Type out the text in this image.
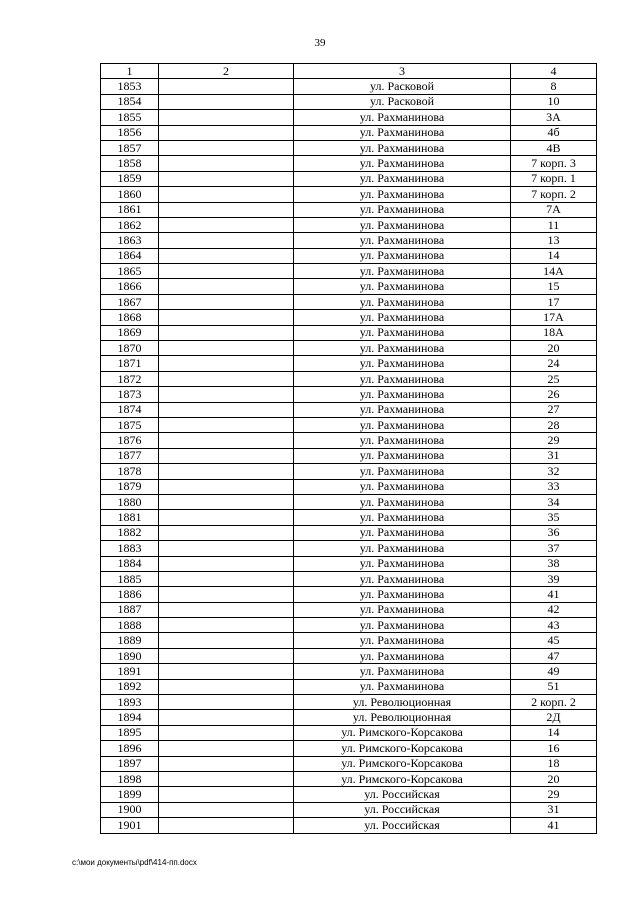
39
1	2	3	4
1853		ул. Расковой	8
1854		ул. Расковой	10
1855		ул. Рахманинова	3А
1856		ул. Рахманинова	4б
1857		ул. Рахманинова	4В
1858		ул. Рахманинова	7 корп. 3
1859		ул. Рахманинова	7 корп. 1
1860		ул. Рахманинова	7 корп. 2
1861		ул. Рахманинова	7А
1862		ул. Рахманинова	11
1863		ул. Рахманинова	13
1864		ул. Рахманинова	14
1865		ул. Рахманинова	14А
1866		ул. Рахманинова	15
1867		ул. Рахманинова	17
1868		ул. Рахманинова	17А
1869		ул. Рахманинова	18А
1870		ул. Рахманинова	20
1871		ул. Рахманинова	24
1872		ул. Рахманинова	25
1873		ул. Рахманинова	26
1874		ул. Рахманинова	27
1875		ул. Рахманинова	28
1876		ул. Рахманинова	29
1877		ул. Рахманинова	31
1878		ул. Рахманинова	32
1879		ул. Рахманинова	33
1880		ул. Рахманинова	34
1881		ул. Рахманинова	35
1882		ул. Рахманинова	36
1883		ул. Рахманинова	37
1884		ул. Рахманинова	38
1885		ул. Рахманинова	39
1886		ул. Рахманинова	41
1887		ул. Рахманинова	42
1888		ул. Рахманинова	43
1889		ул. Рахманинова	45
1890		ул. Рахманинова	47
1891		ул. Рахманинова	49
1892		ул. Рахманинова	51
1893		ул. Революционная	2 корп. 2
1894		ул. Революционная	2Д
1895		ул. Римского-Корсакова	14
1896		ул. Римского-Корсакова	16
1897		ул. Римского-Корсакова	18
1898		ул. Римского-Корсакова	20
1899		ул. Российская	29
1900		ул. Российская	31
1901		ул. Российская	41
c:\мои документы\pdf\414-пп.docx
